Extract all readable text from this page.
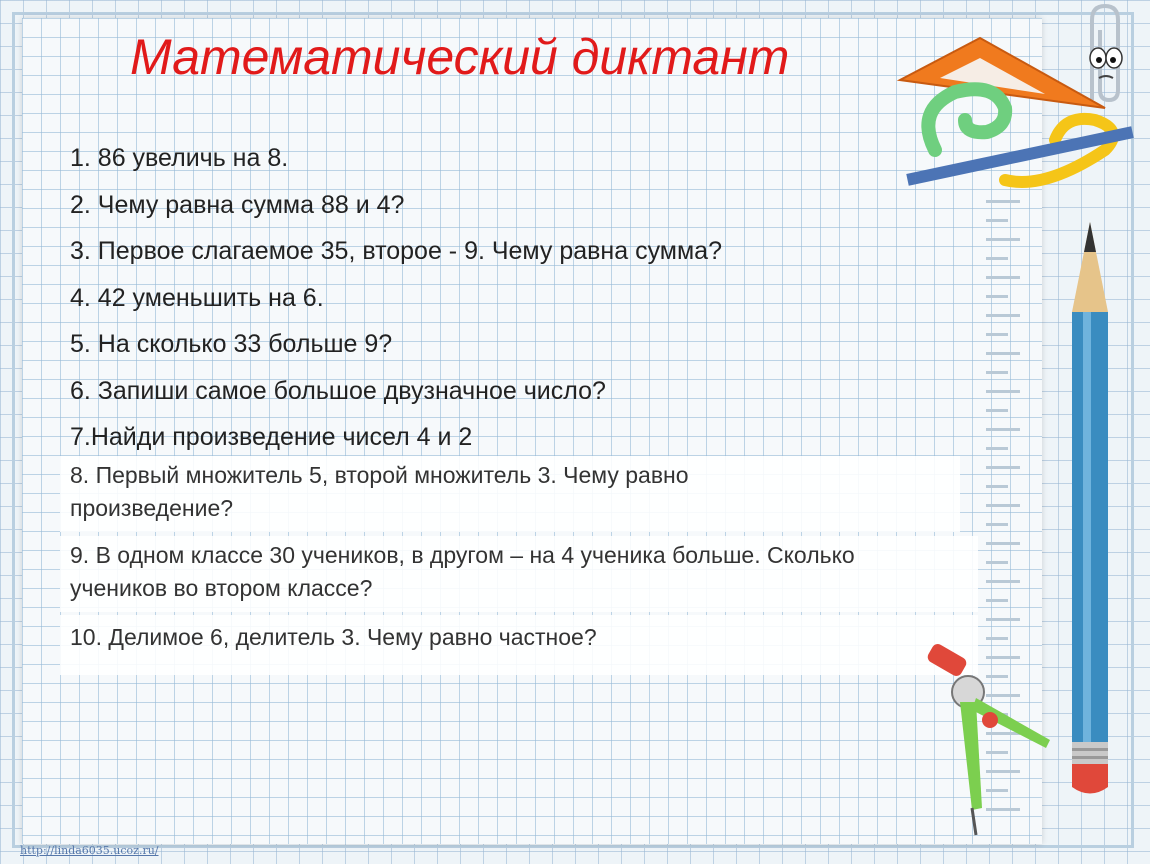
Математический диктант
1. 86 увеличь на 8.
2. Чему равна сумма 88 и 4?
3. Первое слагаемое 35, второе - 9. Чему равна сумма?
4. 42 уменьшить на 6.
5. На сколько 33 больше 9?
6. Запиши самое большое двузначное число?
7.Найди произведение чисел 4 и 2
8. Первый множитель 5, второй множитель 3. Чему равно
произведение?
9. В одном классе 30 учеников, в другом – на 4 ученика больше. Сколько
учеников во втором классе?
10. Делимое 6, делитель 3. Чему равно частное?
http://linda6035.ucoz.ru/
